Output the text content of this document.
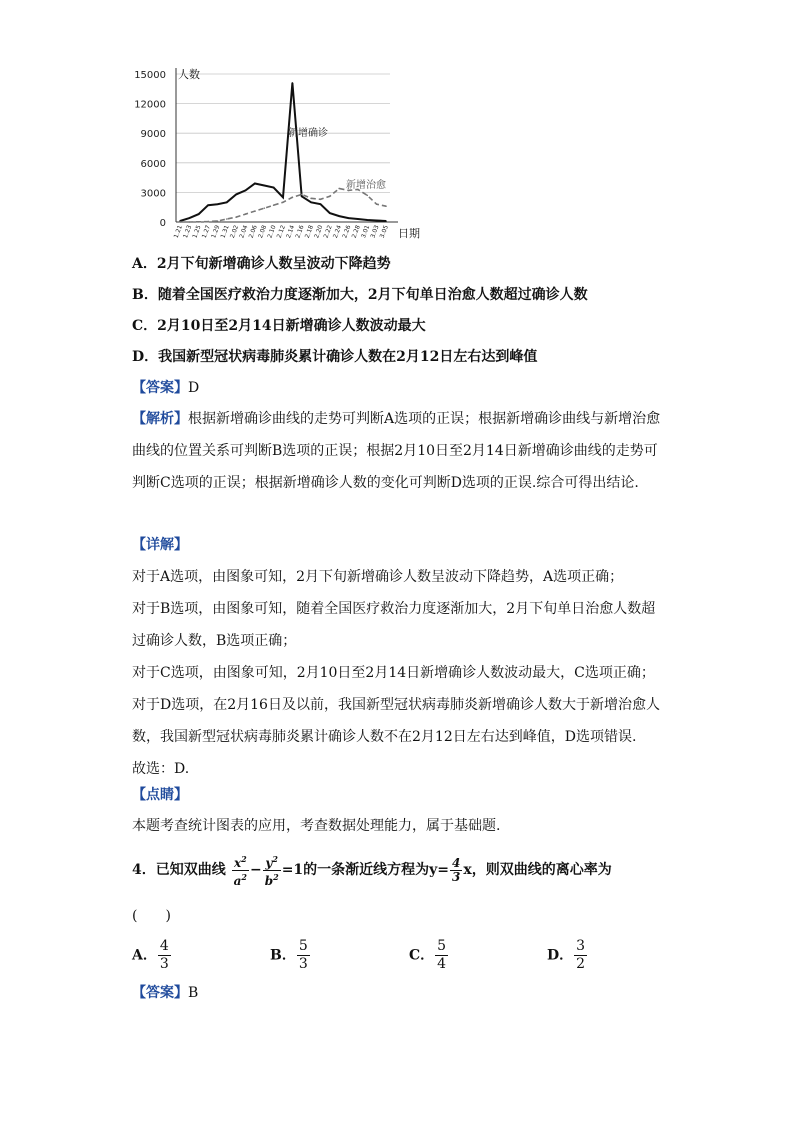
15000
12000
9000
6000
3000
0
人数
日期
1.21
1.23
1.25
1.27
1.29
1.31
2.02
2.04
2.06
2.08
2.10
2.12
2.14
2.16
2.18
2.20
2.22
2.24
2.26
2.28
3.01
3.03
3.05
新增确诊
新增治愈
A．2月下旬新增确诊人数呈波动下降趋势
B．随着全国医疗救治力度逐渐加大，2月下旬单日治愈人数超过确诊人数
C．2月10日至2月14日新增确诊人数波动最大
D．我国新型冠状病毒肺炎累计确诊人数在2月12日左右达到峰值
【答案】D
【解析】根据新增确诊曲线的走势可判断A选项的正误；根据新增确诊曲线与新增治愈曲线的位置关系可判断B选项的正误；根据2月10日至2月14日新增确诊曲线的走势可判断C选项的正误；根据新增确诊人数的变化可判断D选项的正误.综合可得出结论.
【详解】
对于A选项，由图象可知，2月下旬新增确诊人数呈波动下降趋势，A选项正确；
对于B选项，由图象可知，随着全国医疗救治力度逐渐加大，2月下旬单日治愈人数超过确诊人数，B选项正确；
对于C选项，由图象可知，2月10日至2月14日新增确诊人数波动最大，C选项正确；
对于D选项，在2月16日及以前，我国新型冠状病毒肺炎新增确诊人数大于新增治愈人数，我国新型冠状病毒肺炎累计确诊人数不在2月12日左右达到峰值，D选项错误.
故选：D.
【点睛】
本题考查统计图表的应用，考查数据处理能力，属于基础题.
4．已知双曲线 $\frac{x^2}{a^2} - \frac{y^2}{b^2} =1$的一条渐近线方程为$y= \frac{4}{3}$ x，则双曲线的离心率为
(　　)
A． $\frac{4}{3}$	B． $\frac{5}{3}$	C． $\frac{5}{4}$	D． $\frac{3}{2}$
【答案】B
